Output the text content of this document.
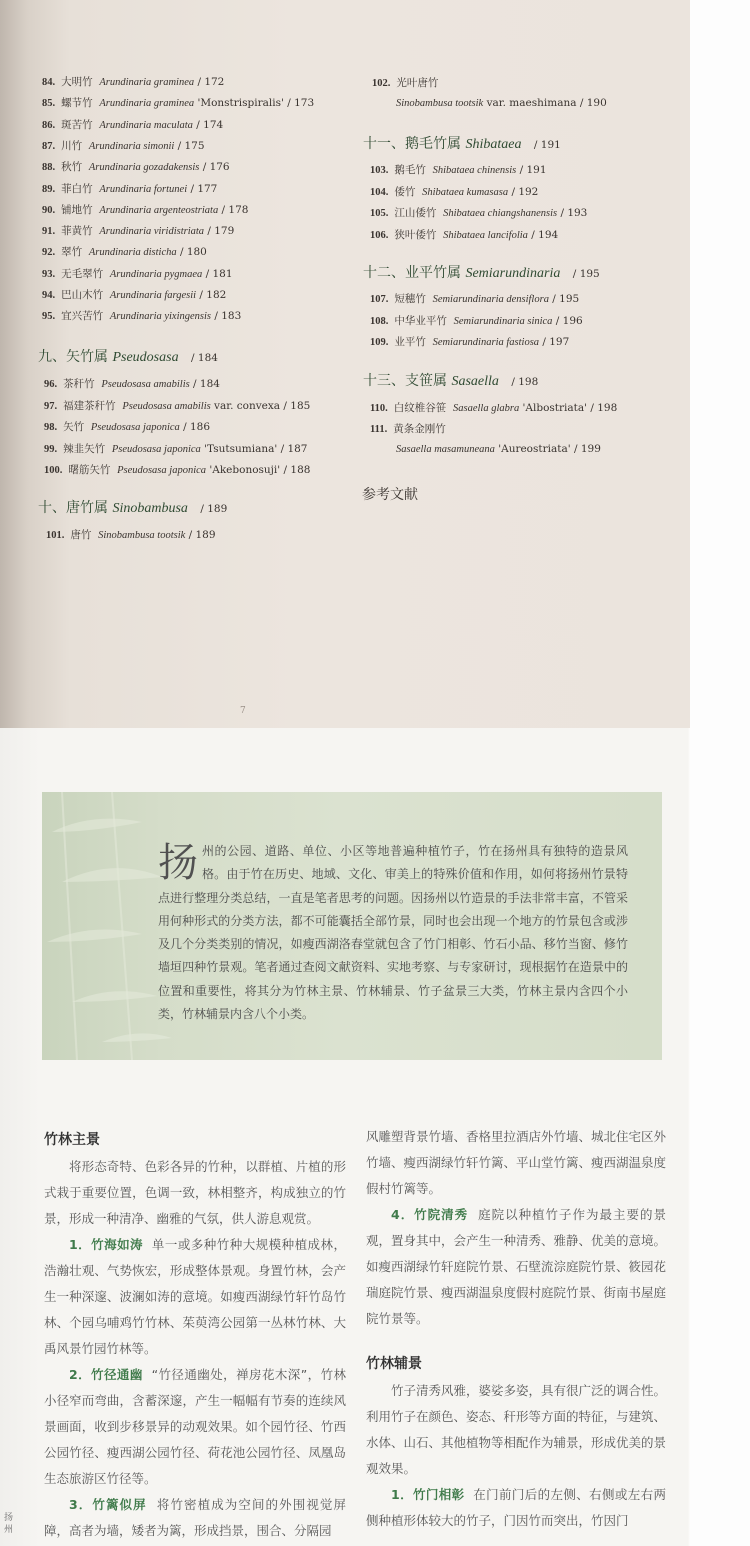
84. 大明竹  Arundinaria graminea / 172
85. 螺节竹  Arundinaria graminea 'Monstrispiralis' / 173
86. 斑苦竹  Arundinaria maculata / 174
87. 川竹  Arundinaria simonii / 175
88. 秋竹  Arundinaria gozadakensis / 176
89. 菲白竹  Arundinaria fortunei / 177
90. 铺地竹  Arundinaria argenteostriata / 178
91. 菲黄竹  Arundinaria viridistriata / 179
92. 翠竹  Arundinaria disticha / 180
93. 无毛翠竹  Arundinaria pygmaea / 181
94. 巴山木竹  Arundinaria fargesii / 182
95. 宜兴苦竹  Arundinaria yixingensis / 183
九、矢竹属 Pseudosasa / 184
96. 茶秆竹  Pseudosasa amabilis / 184
97. 福建茶秆竹  Pseudosasa amabilis var. convexa / 185
98. 矢竹  Pseudosasa japonica / 186
99. 辣韭矢竹  Pseudosasa japonica 'Tsutsumiana' / 187
100. 曙筋矢竹  Pseudosasa japonica 'Akebonosuji' / 188
十、唐竹属 Sinobambusa / 189
101. 唐竹  Sinobambusa tootsik / 189
102. 光叶唐竹
Sinobambusa tootsik var. maeshimana / 190
十一、鹅毛竹属 Shibataea / 191
103. 鹅毛竹  Shibataea chinensis / 191
104. 倭竹  Shibataea kumasasa / 192
105. 江山倭竹  Shibataea chiangshanensis / 193
106. 狭叶倭竹  Shibataea lancifolia / 194
十二、业平竹属 Semiarundinaria / 195
107. 短穗竹  Semiarundinaria densiflora / 195
108. 中华业平竹  Semiarundinaria sinica / 196
109. 业平竹  Semiarundinaria fastiosa / 197
十三、支笹属 Sasaella / 198
110. 白纹椎谷笹 Sasaella glabra 'Albostriata' / 198
111. 黄条金刚竹
Sasaella masamuneana 'Aureostriata' / 199
参考文献
7
扬州的公园、道路、单位、小区等地普遍种植竹子，竹在扬州具有独特的造景风格。由于竹在历史、地域、文化、审美上的特殊价值和作用，如何将扬州竹景特点进行整理分类总结，一直是笔者思考的问题。因扬州以竹造景的手法非常丰富，不管采用何种形式的分类方法，都不可能囊括全部竹景，同时也会出现一个地方的竹景包含或涉及几个分类类别的情况，如瘦西湖洛春堂就包含了竹门相彰、竹石小品、移竹当窗、修竹墙垣四种竹景观。笔者通过查阅文献资料、实地考察、与专家研讨，现根据竹在造景中的位置和重要性，将其分为竹林主景、竹林辅景、竹子盆景三大类，竹林主景内含四个小类，竹林辅景内含八个小类。
竹林主景

将形态奇特、色彩各异的竹种，以群植、片植的形式栽于重要位置，色调一致，林相整齐，构成独立的竹景，形成一种清净、幽雅的气氛，供人游息观赏。

1．竹海如涛 单一或多种竹种大规模种植成林，浩瀚壮观、气势恢宏，形成整体景观。身置竹林，会产生一种深邃、波澜如涛的意境。如瘦西湖绿竹轩竹岛竹林、个园乌哺鸡竹竹林、茱萸湾公园第一丛林竹林、大禹风景竹园竹林等。

2．竹径通幽 “竹径通幽处，禅房花木深”，竹林小径窄而弯曲，含蓄深邃，产生一幅幅有节奏的连续风景画面，收到步移景异的动观效果。如个园竹径、竹西公园竹径、瘦西湖公园竹径、荷花池公园竹径、凤凰岛生态旅游区竹径等。

3．竹篱似屏 将竹密植成为空间的外围视觉屏障，高者为墙，矮者为篱，形成挡景，围合、分隔园

风雕塑背景竹墙、香格里拉酒店外竹墙、城北住宅区外竹墙、瘦西湖绿竹轩竹篱、平山堂竹篱、瘦西湖温泉度假村竹篱等。

4．竹院清秀 庭院以种植竹子作为最主要的景观，置身其中，会产生一种清秀、雅静、优美的意境。如瘦西湖绿竹轩庭院竹景、石壁流淙庭院竹景、筱园花瑞庭院竹景、瘦西湖温泉度假村庭院竹景、街南书屋庭院竹景等。

竹林辅景

竹子清秀风雅，婆娑多姿，具有很广泛的调合性。利用竹子在颜色、姿态、秆形等方面的特征，与建筑、水体、山石、其他植物等相配作为辅景，形成优美的景观效果。

1．竹门相彰 在门前门后的左侧、右侧或左右两侧种植形体较大的竹子，门因竹而突出，竹因门

扬州
